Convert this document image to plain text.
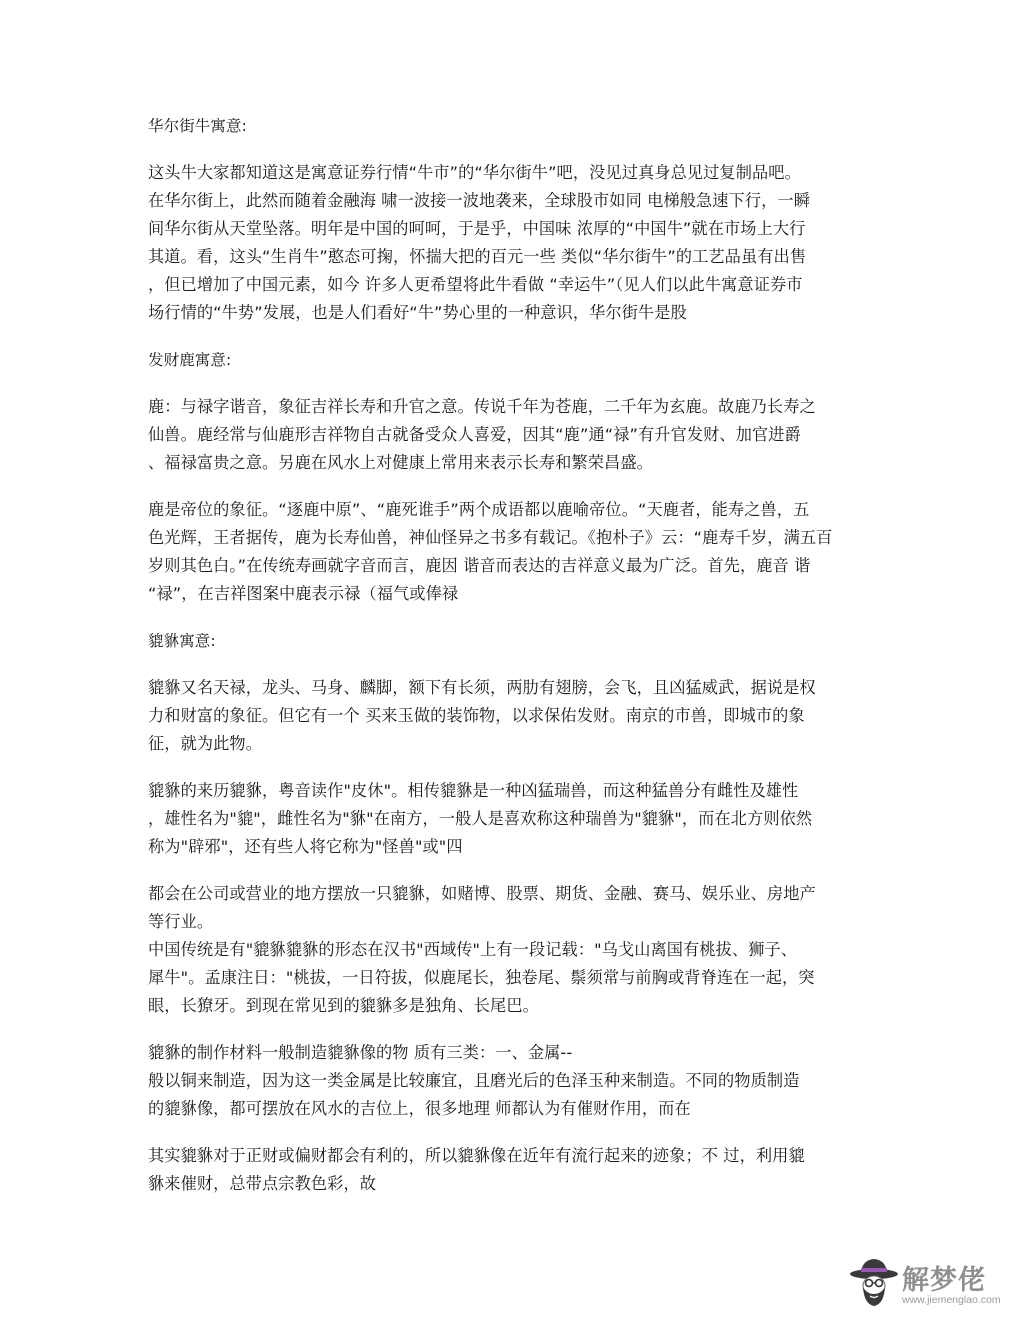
华尔街牛寓意:

这头牛大家都知道这是寓意证券行情“牛市”的“华尔街牛”吧，没见过真身总见过复制品吧。

在华尔街上，此然而随着金融海 啸一波接一波地袭来，全球股市如同 电梯般急速下行，一瞬

间华尔街从天堂坠落。明年是中国的呵呵，于是乎，中国味 浓厚的“中国牛”就在市场上大行

其道。看，这头“生肖牛”憨态可掬，怀揣大把的百元一些 类似“华尔街牛”的工艺品虽有出售

，但已增加了中国元素，如今 许多人更希望将此牛看做 “幸运牛”（见人们以此牛寓意证券市

场行情的“牛势”发展，也是人们看好“牛”势心里的一种意识，华尔街牛是股

发财鹿寓意:

鹿：与禄字谐音，象征吉祥长寿和升官之意。传说千年为苍鹿，二千年为玄鹿。故鹿乃长寿之

仙兽。鹿经常与仙鹿形吉祥物自古就备受众人喜爱，因其“鹿”通“禄”有升官发财、加官进爵

、福禄富贵之意。另鹿在风水上对健康上常用来表示长寿和繁荣昌盛。

鹿是帝位的象征。“逐鹿中原”、“鹿死谁手”两个成语都以鹿喻帝位。“天鹿者，能寿之兽，五

色光辉，王者据传，鹿为长寿仙兽，神仙怪异之书多有载记。《抱朴子》云：“鹿寿千岁，满五百

岁则其色白。”在传统寿画就字音而言，鹿因 谐音而表达的吉祥意义最为广泛。首先，鹿音 谐

“禄”，在吉祥图案中鹿表示禄（福气或俸禄

貔貅寓意:

貔貅又名天禄，龙头、马身、麟脚，额下有长须，两肋有翅膀，会飞，且凶猛威武，据说是权

力和财富的象征。但它有一个 买来玉做的装饰物，以求保佑发财。南京的市兽，即城市的象

征，就为此物。

貔貅的来历貔貅，粤音读作"皮休"。相传貔貅是一种凶猛瑞兽，而这种猛兽分有雌性及雄性

，雄性名为"貔"，雌性名为"貅"在南方，一般人是喜欢称这种瑞兽为"貔貅"，而在北方则依然

称为"辟邪"，还有些人将它称为"怪兽"或"四

都会在公司或营业的地方摆放一只貔貅，如赌博、股票、期货、金融、赛马、娱乐业、房地产

等行业。

中国传统是有"貔貅貔貅的形态在汉书"西域传"上有一段记载："乌戈山离国有桃拔、狮子、

犀牛"。孟康注日："桃拔，一日符拔，似鹿尾长，独卷尾、鬃须常与前胸或背脊连在一起，突

眼，长獠牙。到现在常见到的貔貅多是独角、长尾巴。

貔貅的制作材料一般制造貔貅像的物 质有三类：一、金属--

般以铜来制造，因为这一类金属是比较廉宜，且磨光后的色泽玉种来制造。不同的物质制造

的貔貅像，都可摆放在风水的吉位上，很多地理 师都认为有催财作用，而在

其实貔貅对于正财或偏财都会有利的，所以貔貅像在近年有流行起来的迹象；不 过，利用貔

貅来催财，总带点宗教色彩，故

解梦佬
www.jiemenglao.com
